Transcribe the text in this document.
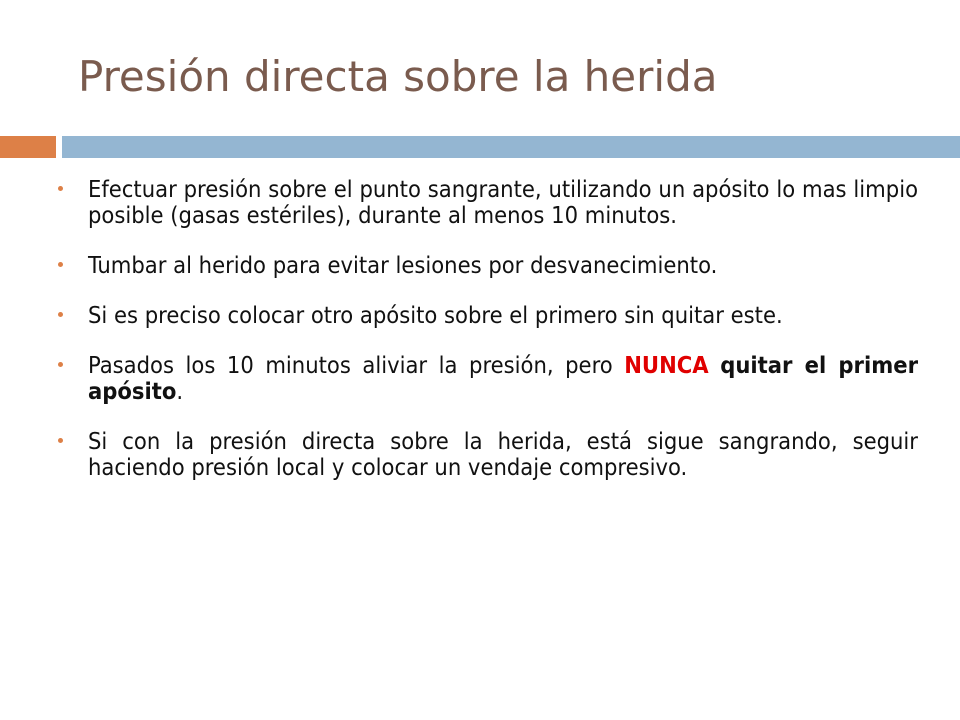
Presión directa sobre la herida
Efectuar presión sobre el punto sangrante, utilizando un apósito lo mas limpio posible (gasas estériles), durante al menos 10 minutos.
Tumbar al herido para evitar lesiones por desvanecimiento.
Si es preciso colocar otro apósito sobre el primero sin quitar este.
Pasados los 10 minutos aliviar la presión, pero NUNCA quitar el primer apósito.
Si con la presión directa sobre la herida, está sigue sangrando, seguir haciendo presión local y colocar un vendaje compresivo.
